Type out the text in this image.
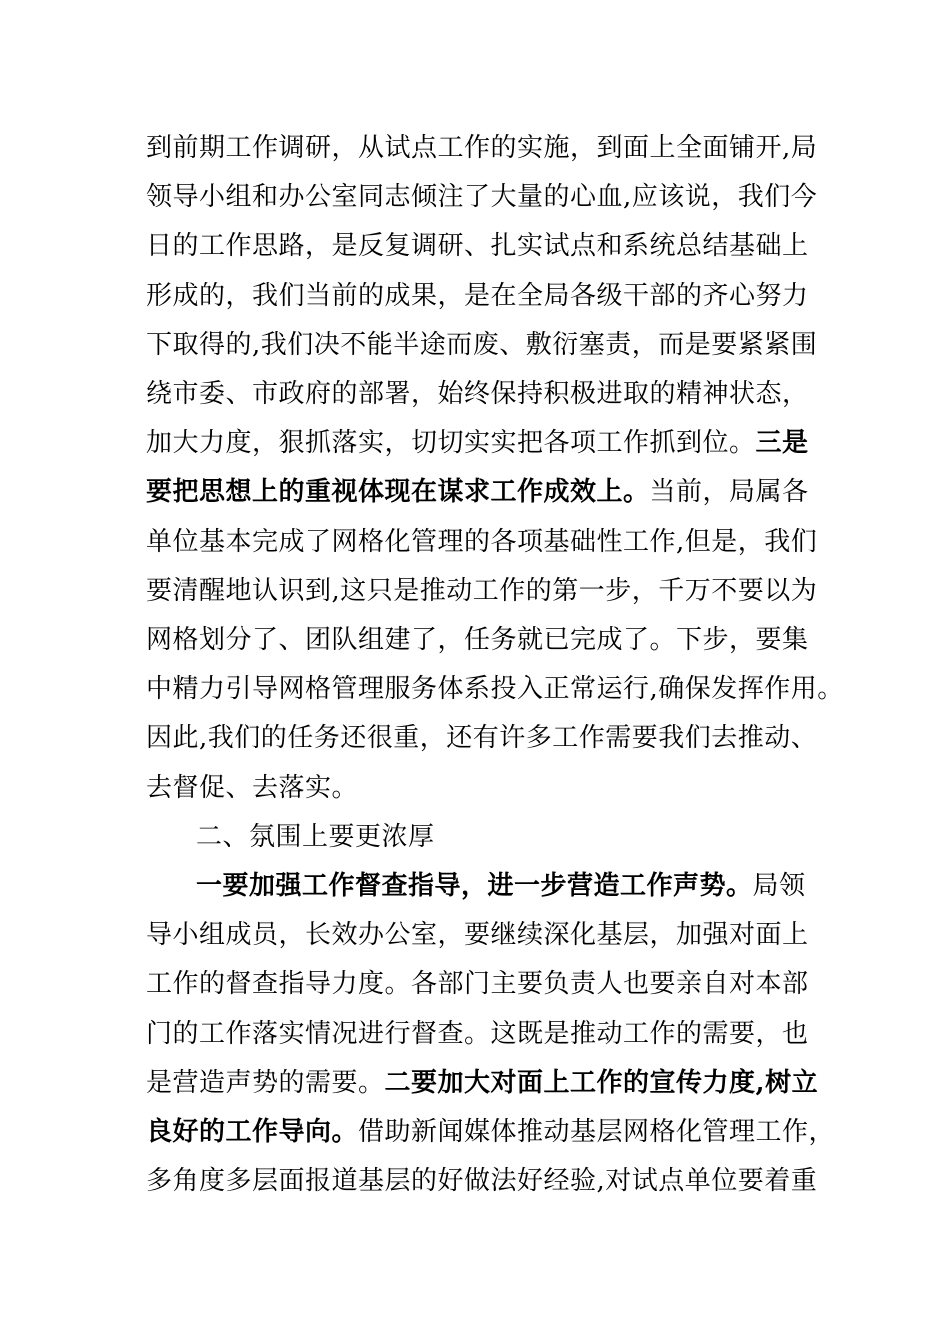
到前期工作调研，从试点工作的实施，到面上全面铺开,局
领导小组和办公室同志倾注了大量的心血,应该说，我们今
日的工作思路，是反复调研、扎实试点和系统总结基础上
形成的，我们当前的成果，是在全局各级干部的齐心努力
下取得的,我们决不能半途而废、敷衍塞责，而是要紧紧围
绕市委、市政府的部署，始终保持积极进取的精神状态，
加大力度，狠抓落实，切切实实把各项工作抓到位。三是
要把思想上的重视体现在谋求工作成效上。当前，局属各
单位基本完成了网格化管理的各项基础性工作,但是，我们
要清醒地认识到,这只是推动工作的第一步，千万不要以为
网格划分了、团队组建了，任务就已完成了。下步，要集
中精力引导网格管理服务体系投入正常运行,确保发挥作用。
因此,我们的任务还很重，还有许多工作需要我们去推动、
去督促、去落实。
二、氛围上要更浓厚
一要加强工作督查指导，进一步营造工作声势。局领
导小组成员，长效办公室，要继续深化基层，加强对面上
工作的督查指导力度。各部门主要负责人也要亲自对本部
门的工作落实情况进行督查。这既是推动工作的需要，也
是营造声势的需要。二要加大对面上工作的宣传力度,树立
良好的工作导向。借助新闻媒体推动基层网格化管理工作，
多角度多层面报道基层的好做法好经验,对试点单位要着重
